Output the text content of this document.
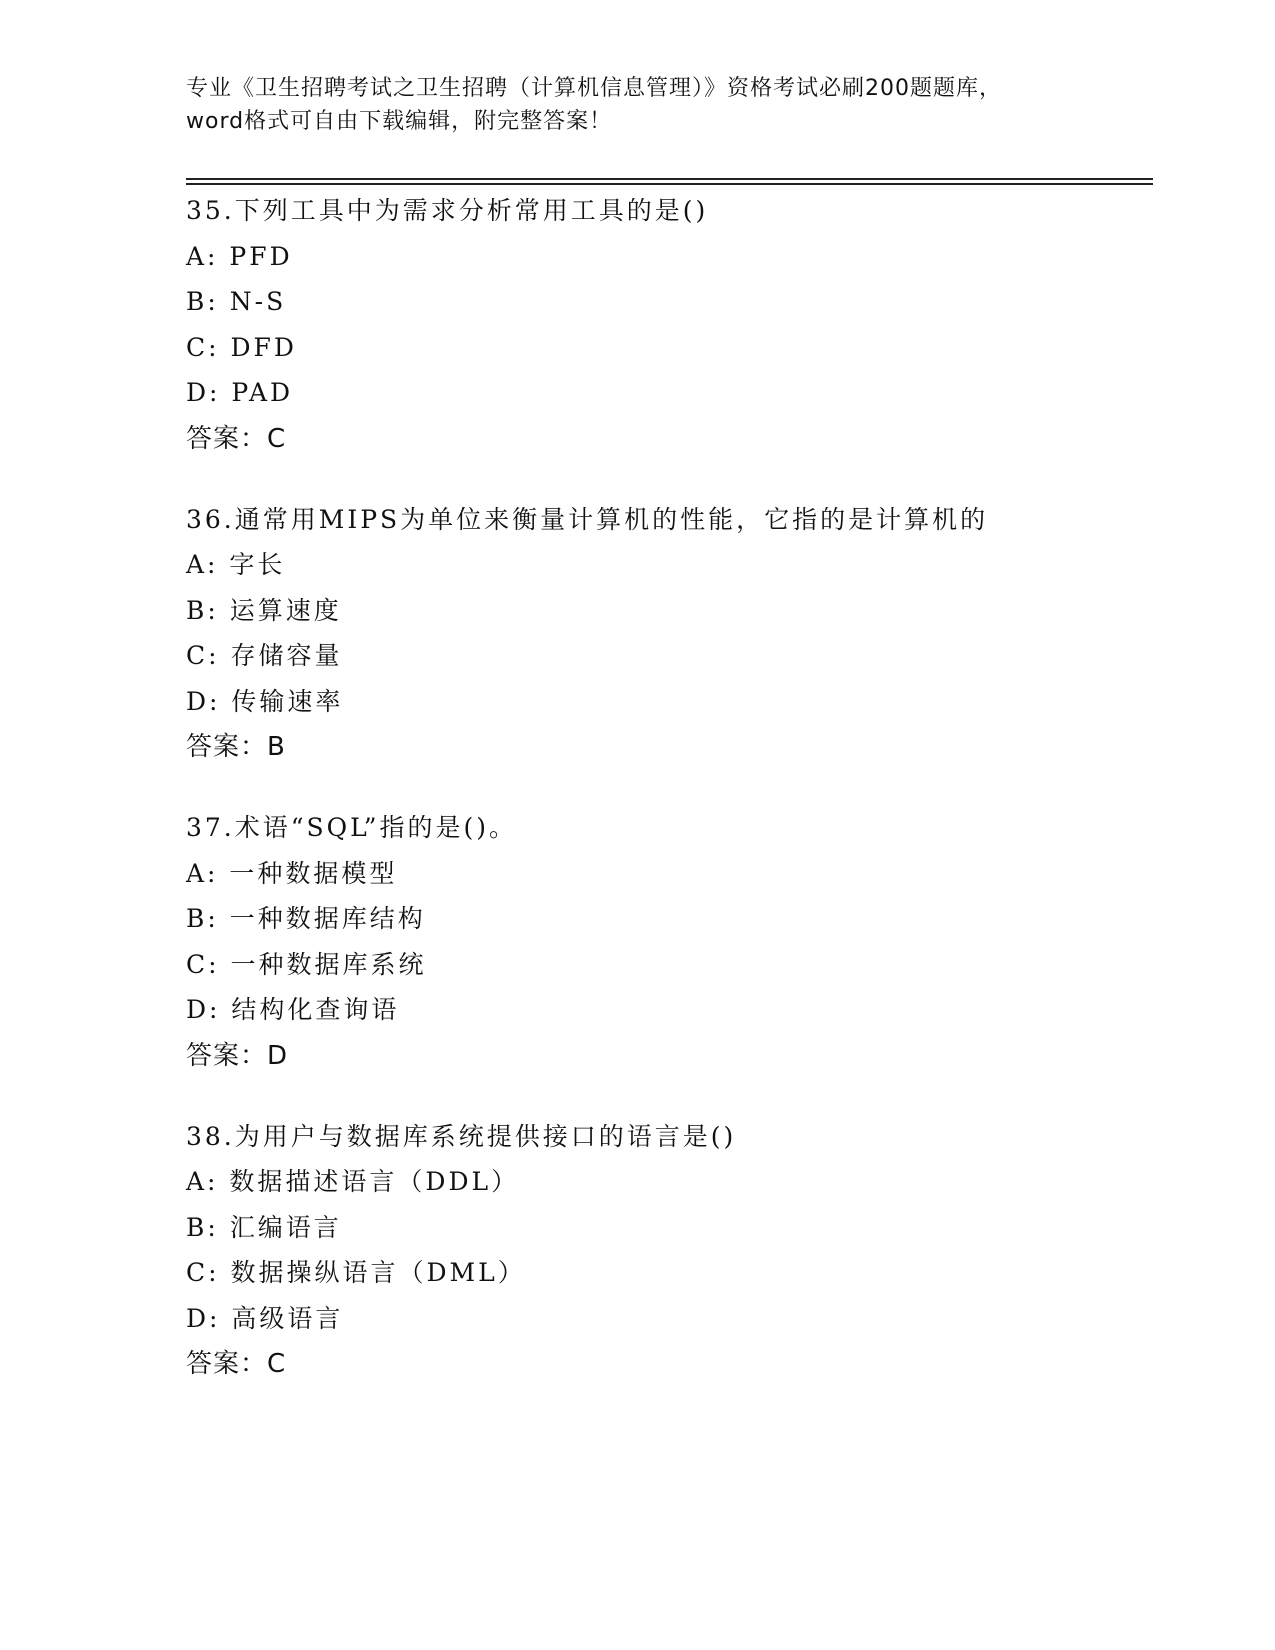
专业《卫生招聘考试之卫生招聘（计算机信息管理）》资格考试必刷200题题库，
word格式可自由下载编辑，附完整答案！
35.下列工具中为需求分析常用工具的是()
A: PFD
B: N-S
C: DFD
D: PAD
答案：C
36.通常用MIPS为单位来衡量计算机的性能，它指的是计算机的
A: 字长
B: 运算速度
C: 存储容量
D: 传输速率
答案：B
37.术语“SQL”指的是()。
A: 一种数据模型
B: 一种数据库结构
C: 一种数据库系统
D: 结构化查询语
答案：D
38.为用户与数据库系统提供接口的语言是()
A: 数据描述语言（DDL）
B: 汇编语言
C: 数据操纵语言（DML）
D: 高级语言
答案：C
